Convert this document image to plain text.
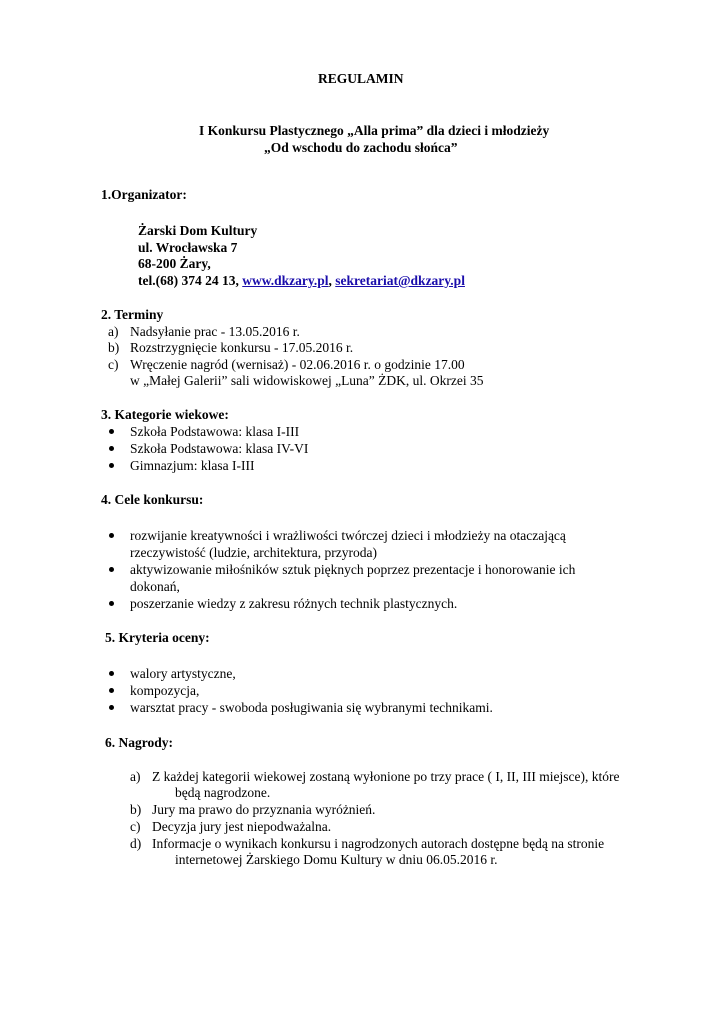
REGULAMIN
I Konkursu Plastycznego „Alla prima” dla dzieci i młodzieży
„Od wschodu do zachodu słońca”
1.Organizator:
Żarski Dom Kultury
ul. Wrocławska 7
68-200 Żary,
tel.(68) 374 24 13, www.dkzary.pl, sekretariat@dkzary.pl
2. Terminy
a) Nadsyłanie prac - 13.05.2016 r.
b) Rozstrzygnięcie konkursu - 17.05.2016 r.
c) Wręczenie nagród (wernisaż) - 02.06.2016 r. o godzinie 17.00
w „Małej Galerii” sali widowiskowej „Luna” ŻDK, ul. Okrzei 35
3. Kategorie wiekowe:
Szkoła Podstawowa: klasa I-III
Szkoła Podstawowa: klasa IV-VI
Gimnazjum: klasa I-III
4. Cele konkursu:
rozwijanie kreatywności i wrażliwości twórczej dzieci i młodzieży na otaczającą
rzeczywistość (ludzie, architektura, przyroda)
aktywizowanie miłośników sztuk pięknych poprzez prezentacje i honorowanie ich
dokonań,
poszerzanie wiedzy z zakresu różnych technik plastycznych.
5. Kryteria oceny:
walory artystyczne,
kompozycja,
warsztat pracy - swoboda posługiwania się wybranymi technikami.
6. Nagrody:
a) Z każdej kategorii wiekowej zostaną wyłonione po trzy prace ( I, II, III miejsce), które
będą nagrodzone.
b) Jury ma prawo do przyznania wyróżnień.
c) Decyzja jury jest niepodważalna.
d) Informacje o wynikach konkursu i nagrodzonych autorach dostępne będą na stronie
internetowej Żarskiego Domu Kultury w dniu 06.05.2016 r.
